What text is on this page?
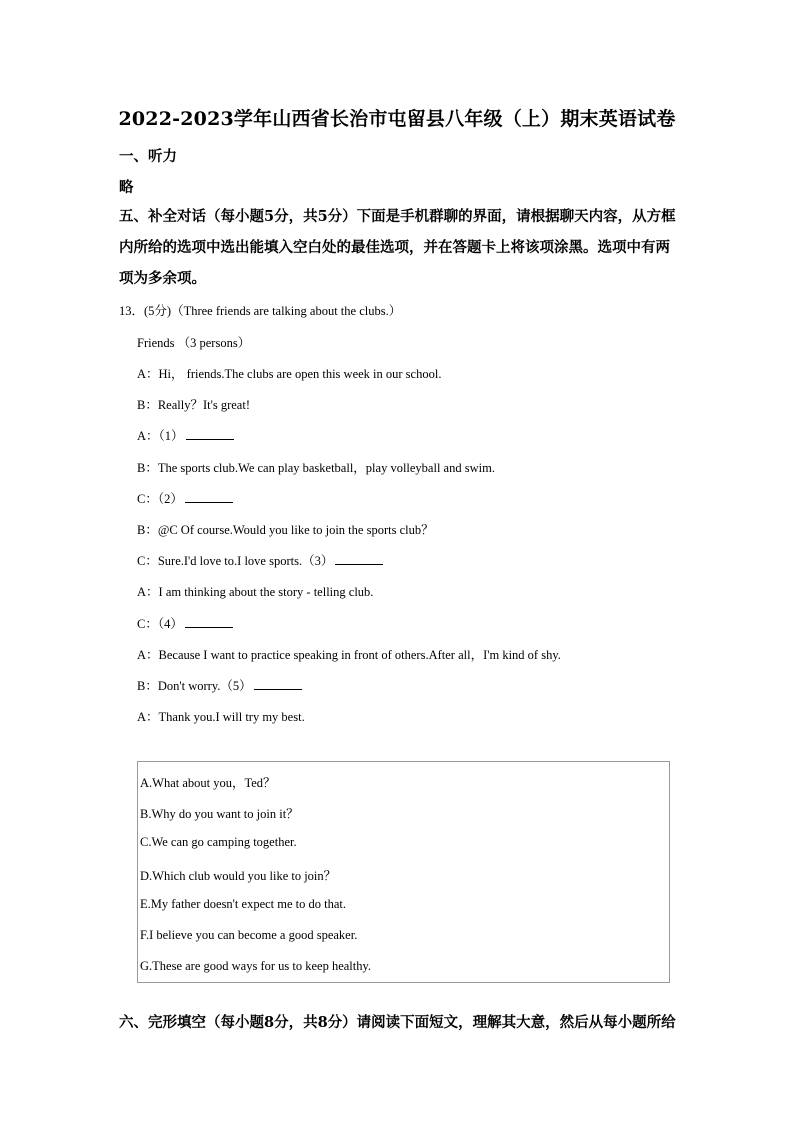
2022-2023学年山西省长治市屯留县八年级（上）期末英语试卷
一、听力
略
五、补全对话（每小题5分，共5分）下面是手机群聊的界面，请根据聊天内容，从方框内所给的选项中选出能填入空白处的最佳选项，并在答题卡上将该项涂黑。选项中有两项为多余项。
13．(5分)（Three friends are talking about the clubs.）
Friends （3 persons）
A：Hi， friends.The clubs are open this week in our school.
B：Really？It's great!
A：（1）
B：The sports club.We can play basketball，play volleyball and swim.
C：（2）
B：@C Of course.Would you like to join the sports club？
C：Sure.I'd love to.I love sports.（3）
A：I am thinking about the story - telling club.
C：（4）
A：Because I want to practice speaking in front of others.After all，I'm kind of shy.
B：Don't worry.（5）
A：Thank you.I will try my best.
A.What about you，Ted？
B.Why do you want to join it？
C.We can go camping together.
D.Which club would you like to join？
E.My father doesn't expect me to do that.
F.I believe you can become a good speaker.
G.These are good ways for us to keep healthy.
六、完形填空（每小题8分，共8分）请阅读下面短文，理解其大意，然后从每小题所给
